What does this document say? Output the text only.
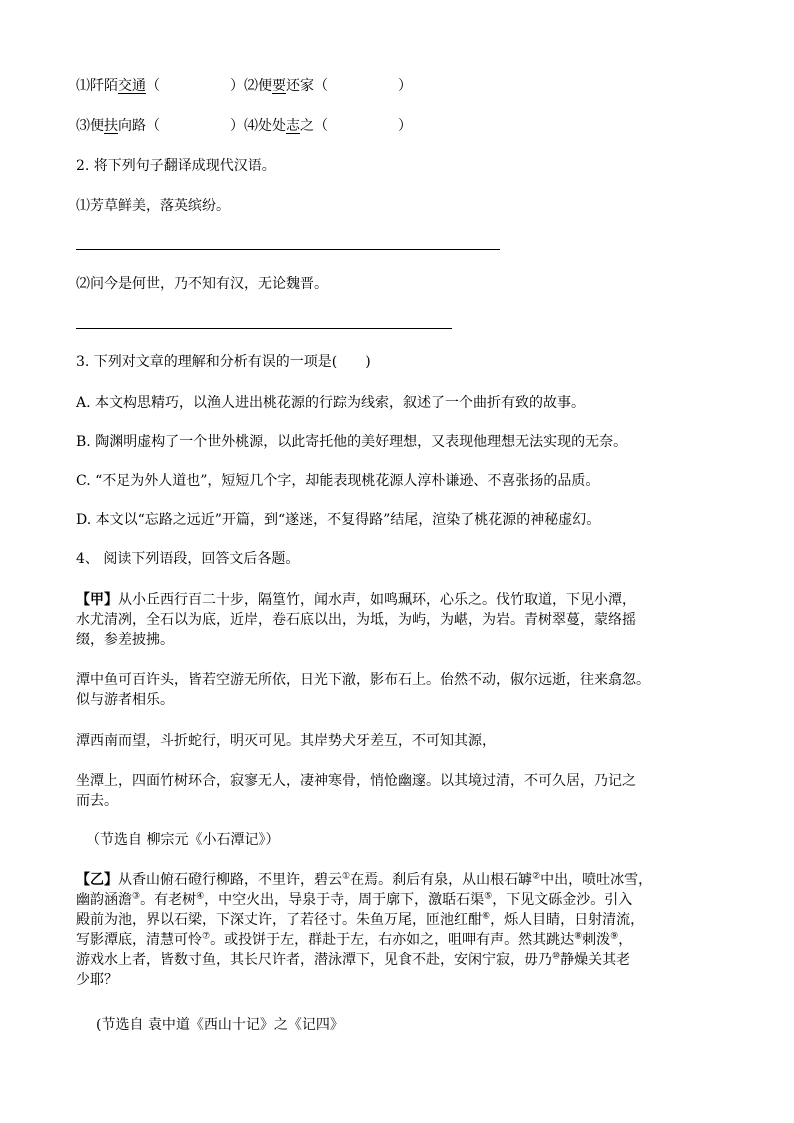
⑴阡陌交通（　　　　　）⑵便要还家（　　　　　）
⑶便扶向路（　　　　　）⑷处处志之（　　　　　）
2. 将下列句子翻译成现代汉语。
⑴芳草鲜美，落英缤纷。
⑵问今是何世，乃不知有汉，无论魏晋。
3. 下列对文章的理解和分析有误的一项是(　　)
A. 本文构思精巧，以渔人进出桃花源的行踪为线索，叙述了一个曲折有致的故事。
B. 陶渊明虚构了一个世外桃源，以此寄托他的美好理想，又表现他理想无法实现的无奈。
C. “不足为外人道也”，短短几个字，却能表现桃花源人淳朴谦逊、不喜张扬的品质。
D. 本文以“忘路之远近”开篇，到“遂迷，不复得路”结尾，渲染了桃花源的神秘虚幻。
4、 阅读下列语段，回答文后各题。
【甲】从小丘西行百二十步，隔篁竹，闻水声，如鸣珮环，心乐之。伐竹取道，下见小潭，
水尤清冽，全石以为底，近岸，卷石底以出，为坻，为屿，为嵁，为岩。青树翠蔓，蒙络摇
缀，参差披拂。
潭中鱼可百许头，皆若空游无所依，日光下澈，影布石上。佁然不动，俶尔远逝，往来翕忽。
似与游者相乐。
潭西南而望，斗折蛇行，明灭可见。其岸势犬牙差互，不可知其源，
坐潭上，四面竹树环合，寂寥无人，凄神寒骨，悄怆幽邃。以其境过清，不可久居，乃记之
而去。
（节选自 柳宗元《小石潭记》）
【乙】从香山俯石磴行柳路，不里许，碧云①在焉。刹后有泉，从山根石罅②中出，喷吐冰雪，
幽韵涵澹③。有老树④，中空火出，导泉于寺，周于廓下，激聒石渠⑤，下见文砾金沙。引入
殿前为池，界以石梁，下深丈许，了若径寸。朱鱼万尾，匝池红酣⑥，烁人目睛，日射清流，
写影潭底，清慧可怜⑦。或投饼于左，群赴于左，右亦如之，咀呷有声。然其跳达⑧刺泼⑨，
游戏水上者，皆数寸鱼，其长尺许者，潜泳潭下，见食不赴，安闲宁寂，毋乃⑩静燥关其老
少耶？
(节选自 袁中道《西山十记》之《记四》
